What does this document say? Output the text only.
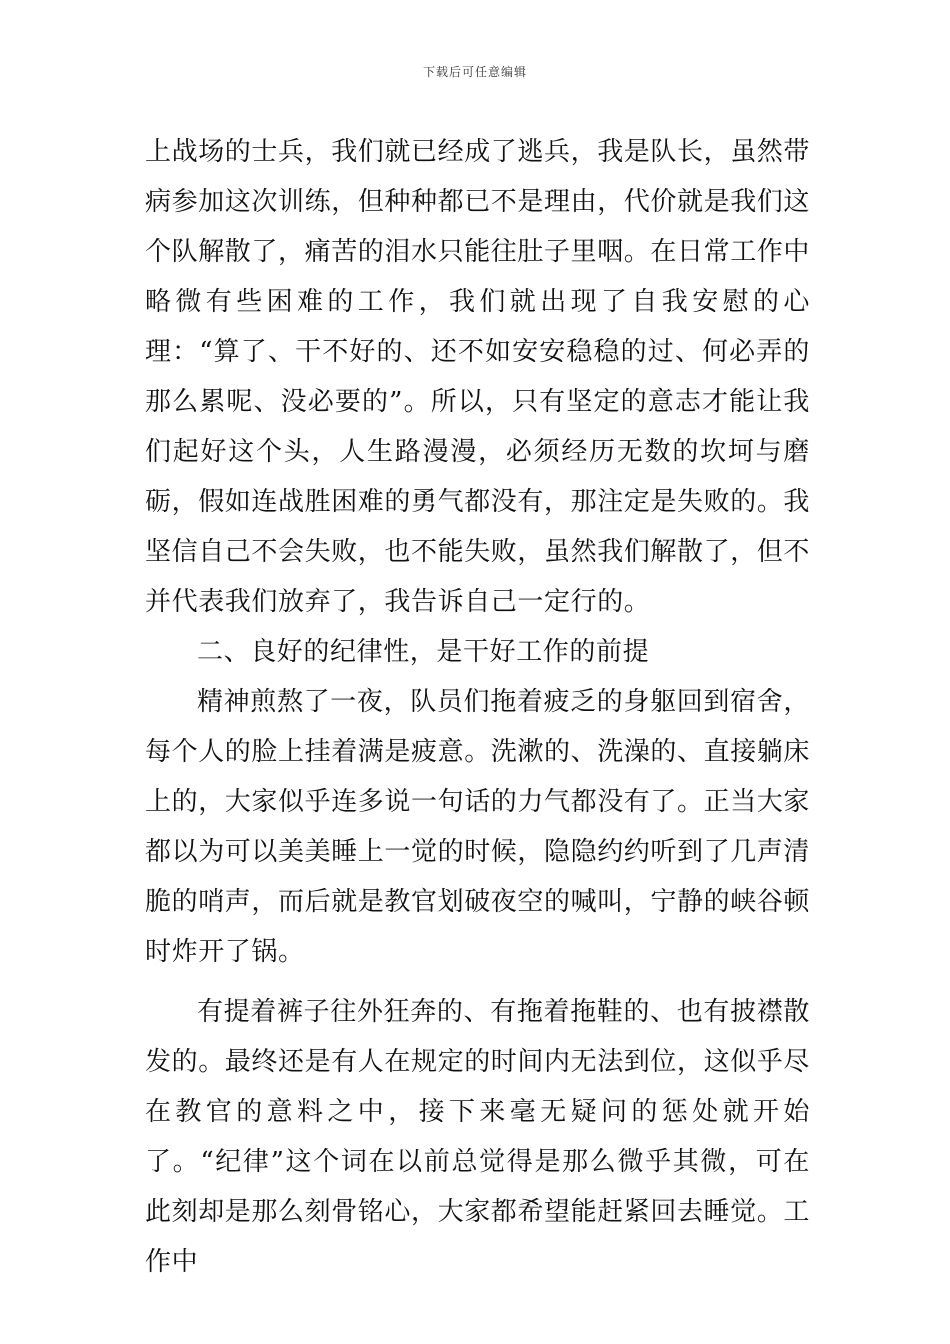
下载后可任意编辑

上战场的士兵，我们就已经成了逃兵，我是队长，虽然带病参加这次训练，但种种都已不是理由，代价就是我们这个队解散了，痛苦的泪水只能往肚子里咽。在日常工作中略微有些困难的工作，我们就出现了自我安慰的心理：“算了、干不好的、还不如安安稳稳的过、何必弄的那么累呢、没必要的”。所以，只有坚定的意志才能让我们起好这个头，人生路漫漫，必须经历无数的坎坷与磨砺，假如连战胜困难的勇气都没有，那注定是失败的。我坚信自己不会失败，也不能失败，虽然我们解散了，但不并代表我们放弃了，我告诉自己一定行的。

二、良好的纪律性，是干好工作的前提

精神煎熬了一夜，队员们拖着疲乏的身躯回到宿舍，每个人的脸上挂着满是疲意。洗漱的、洗澡的、直接躺床上的，大家似乎连多说一句话的力气都没有了。正当大家都以为可以美美睡上一觉的时候，隐隐约约听到了几声清脆的哨声，而后就是教官划破夜空的喊叫，宁静的峡谷顿时炸开了锅。

有提着裤子往外狂奔的、有拖着拖鞋的、也有披襟散发的。最终还是有人在规定的时间内无法到位，这似乎尽在教官的意料之中，接下来毫无疑问的惩处就开始了。“纪律”这个词在以前总觉得是那么微乎其微，可在此刻却是那么刻骨铭心，大家都希望能赶紧回去睡觉。工作中
